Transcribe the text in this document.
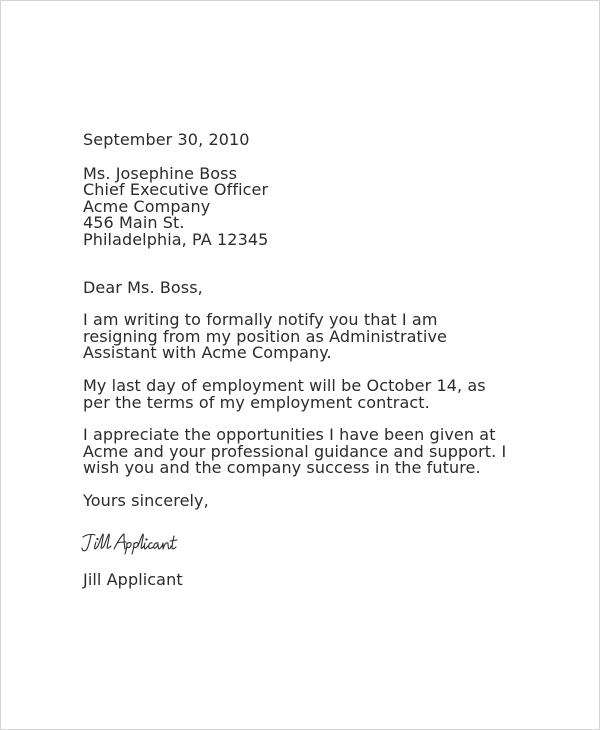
September 30, 2010
Ms. Josephine Boss
Chief Executive Officer
Acme Company
456 Main St.
Philadelphia, PA 12345
Dear Ms. Boss,
I am writing to formally notify you that I am
resigning from my position as Administrative
Assistant with Acme Company.
My last day of employment will be October 14, as
per the terms of my employment contract.
I appreciate the opportunities I have been given at
Acme and your professional guidance and support. I
wish you and the company success in the future.
Yours sincerely,
Jill Applicant
